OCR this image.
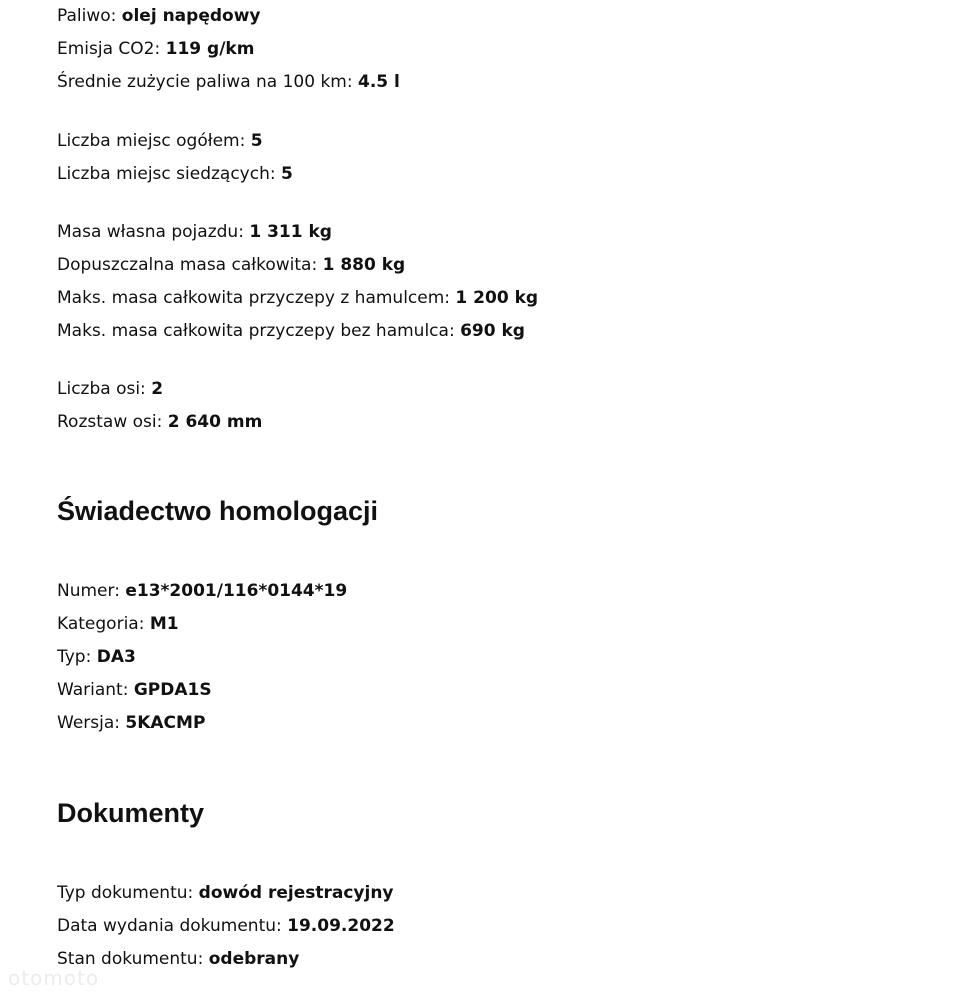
Paliwo: olej napędowy
Emisja CO2: 119 g/km
Średnie zużycie paliwa na 100 km: 4.5 l
Liczba miejsc ogółem: 5
Liczba miejsc siedzących: 5
Masa własna pojazdu: 1 311 kg
Dopuszczalna masa całkowita: 1 880 kg
Maks. masa całkowita przyczepy z hamulcem: 1 200 kg
Maks. masa całkowita przyczepy bez hamulca: 690 kg
Liczba osi: 2
Rozstaw osi: 2 640 mm
Świadectwo homologacji
Numer: e13*2001/116*0144*19
Kategoria: M1
Typ: DA3
Wariant: GPDA1S
Wersja: 5KACMP
Dokumenty
Typ dokumentu: dowód rejestracyjny
Data wydania dokumentu: 19.09.2022
Stan dokumentu: odebrany
otomoto
